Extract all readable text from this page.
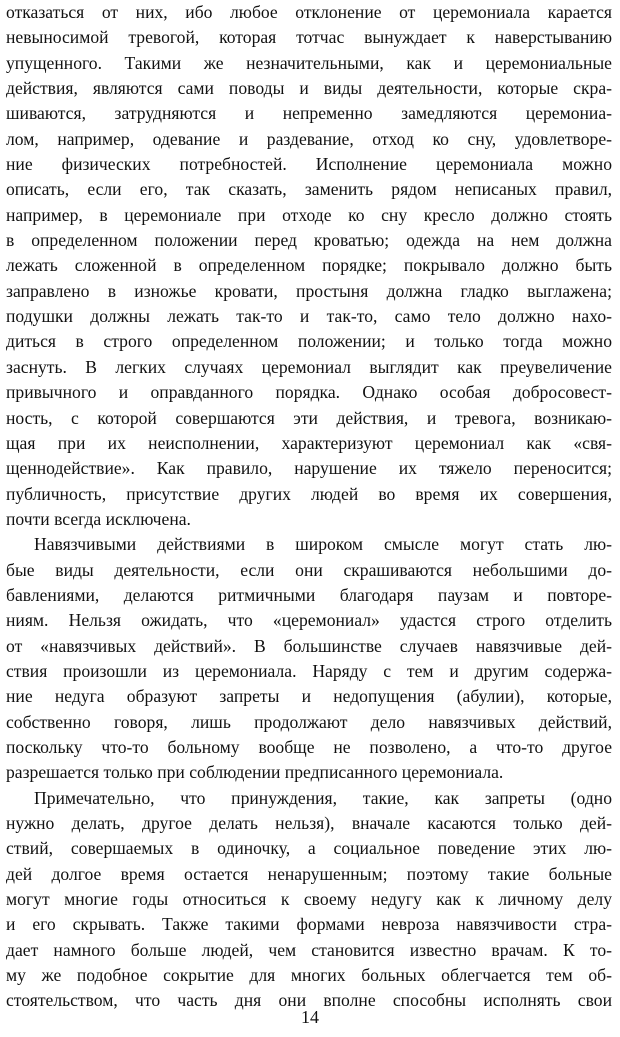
отказаться от них, ибо любое отклонение от церемониала карается
невыносимой тревогой, которая тотчас вынуждает к наверстыванию
упущенного. Такими же незначительными, как и церемониальные
действия, являются сами поводы и виды деятельности, которые скра-
шиваются, затрудняются и непременно замедляются церемониа-
лом, например, одевание и раздевание, отход ко сну, удовлетворе-
ние физических потребностей. Исполнение церемониала можно
описать, если его, так сказать, заменить рядом неписаных правил,
например, в церемониале при отходе ко сну кресло должно стоять
в определенном положении перед кроватью; одежда на нем должна
лежать сложенной в определенном порядке; покрывало должно быть
заправлено в изножье кровати, простыня должна гладко выглажена;
подушки должны лежать так-то и так-то, само тело должно нахо-
диться в строго определенном положении; и только тогда можно
заснуть. В легких случаях церемониал выглядит как преувеличение
привычного и оправданного порядка. Однако особая добросовест-
ность, с которой совершаются эти действия, и тревога, возникаю-
щая при их неисполнении, характеризуют церемониал как «свя-
щеннодействие». Как правило, нарушение их тяжело переносится;
публичность, присутствие других людей во время их совершения,
почти всегда исключена.
Навязчивыми действиями в широком смысле могут стать лю-
бые виды деятельности, если они скрашиваются небольшими до-
бавлениями, делаются ритмичными благодаря паузам и повторе-
ниям. Нельзя ожидать, что «церемониал» удастся строго отделить
от «навязчивых действий». В большинстве случаев навязчивые дей-
ствия произошли из церемониала. Наряду с тем и другим содержа-
ние недуга образуют запреты и недопущения (абулии), которые,
собственно говоря, лишь продолжают дело навязчивых действий,
поскольку что-то больному вообще не позволено, а что-то другое
разрешается только при соблюдении предписанного церемониала.
Примечательно, что принуждения, такие, как запреты (одно
нужно делать, другое делать нельзя), вначале касаются только дей-
ствий, совершаемых в одиночку, а социальное поведение этих лю-
дей долгое время остается ненарушенным; поэтому такие больные
могут многие годы относиться к своему недугу как к личному делу
и его скрывать. Также такими формами невроза навязчивости стра-
дает намного больше людей, чем становится известно врачам. К то-
му же подобное сокрытие для многих больных облегчается тем об-
стоятельством, что часть дня они вполне способны исполнять свои
14
